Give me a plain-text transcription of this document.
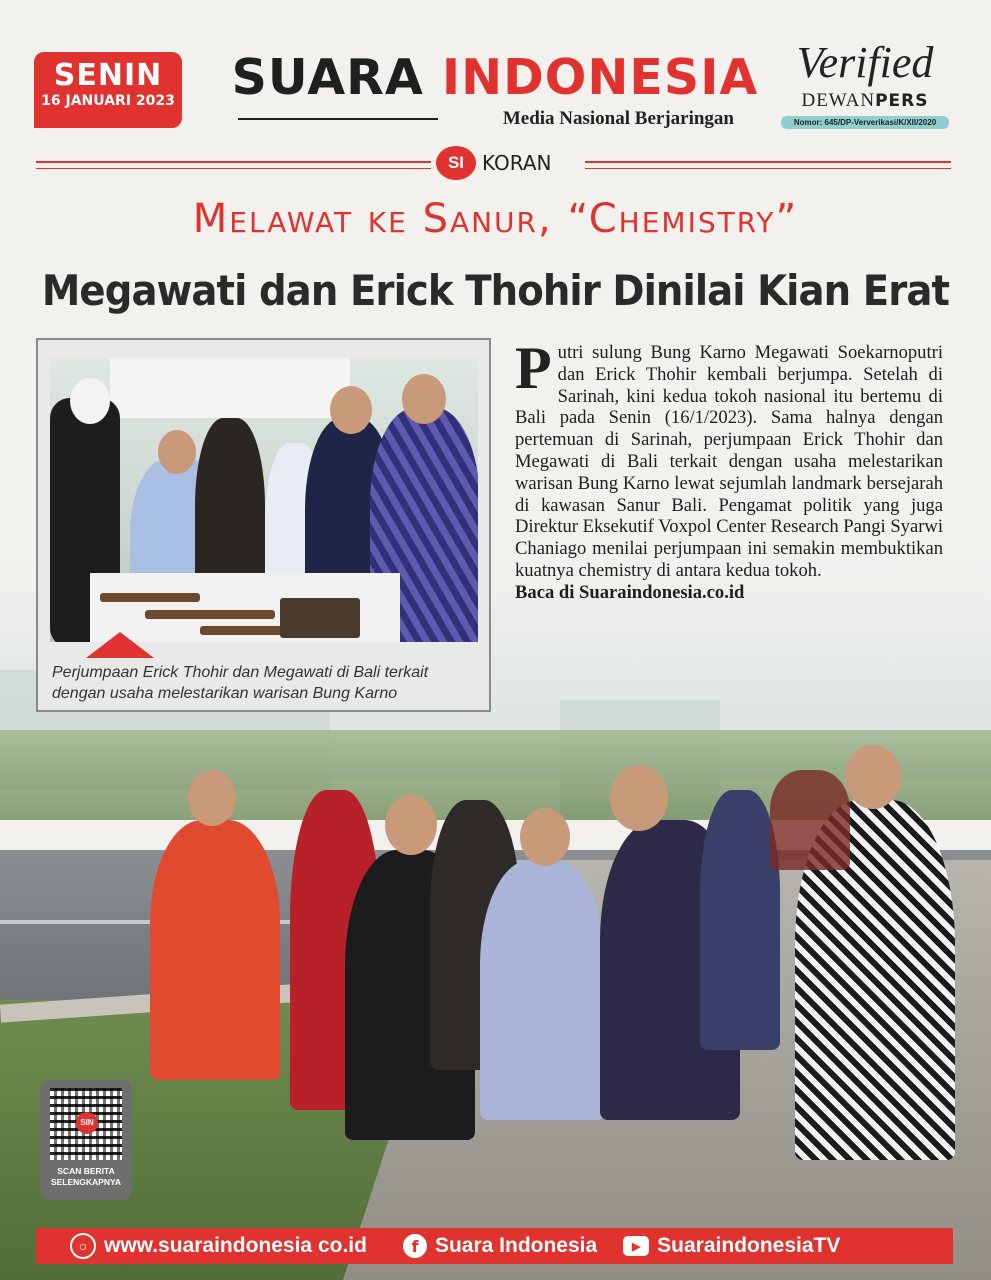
SENIN
16 JANUARI 2023 SUARA INDONESIA
Media Nasional Berjaringan
Verified
DEWANPERS
Nomor: 645/DP-Ververikasi/K/XII/2020
SI KORAN
Melawat ke Sanur, “Chemistry”
Megawati dan Erick Thohir Dinilai Kian Erat
Perjumpaan Erick Thohir dan Megawati di Bali terkait dengan usaha melestarikan warisan Bung Karno
Putri sulung Bung Karno Megawati Soekarnoputri dan Erick Thohir kembali berjumpa. Setelah di Sarinah, kini kedua tokoh nasional itu bertemu di Bali pada Senin (16/1/2023). Sama halnya dengan pertemuan di Sarinah, perjumpaan Erick Thohir dan Megawati di Bali terkait dengan usaha melestarikan warisan Bung Karno lewat sejumlah landmark bersejarah di kawasan Sanur Bali. Pengamat politik yang juga Direktur Eksekutif Voxpol Center Research Pangi Syarwi Chaniago menilai perjumpaan ini semakin membuktikan kuatnya chemistry di antara kedua tokoh.
Baca di Suaraindonesia.co.id
SIN
SCAN BERITA SELENGKAPNYA
○ www.suaraindonesia co.id	f Suara Indonesia	▶ SuaraindonesiaTV
